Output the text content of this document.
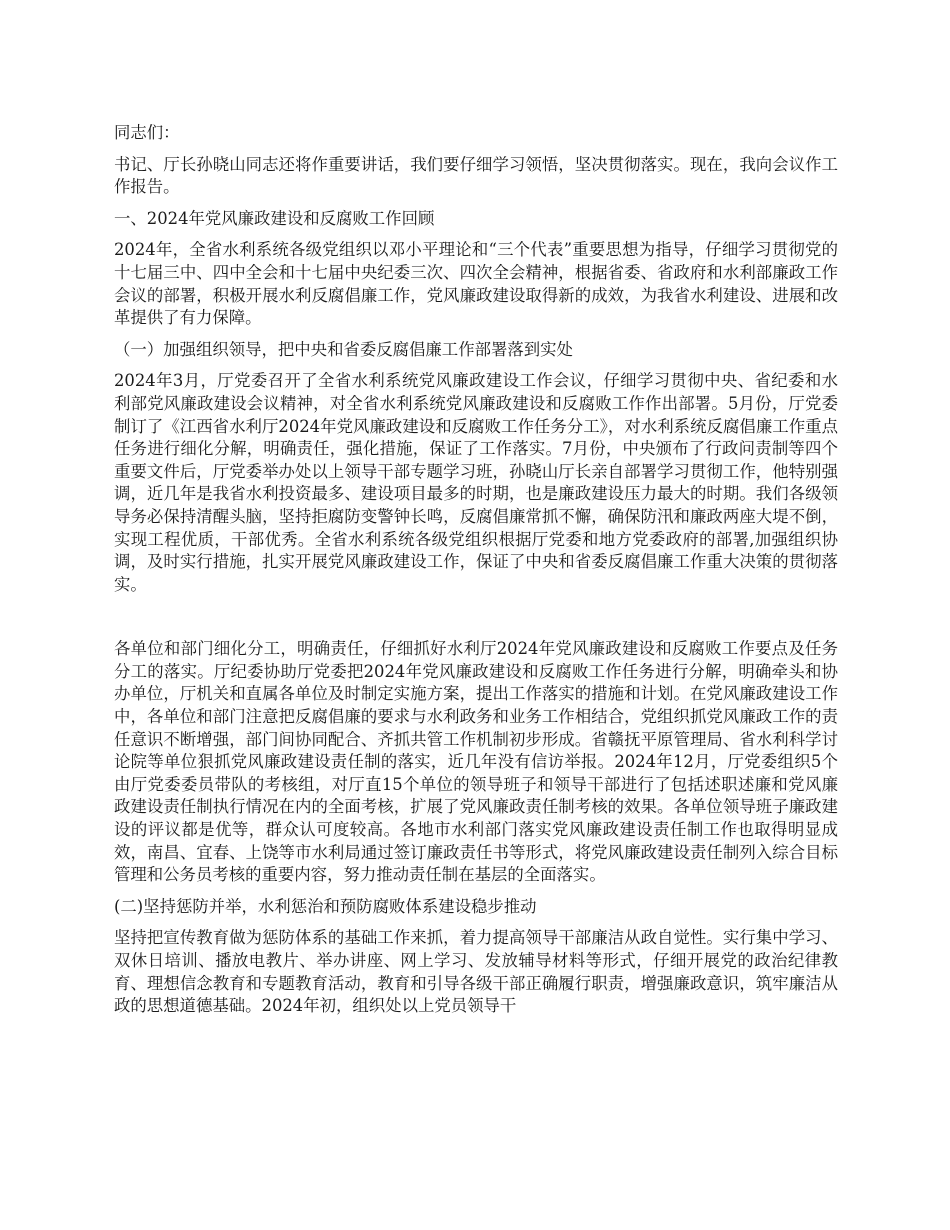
同志们：

书记、厅长孙晓山同志还将作重要讲话，我们要仔细学习领悟，坚决贯彻落实。现在，我向会议作工作报告。

一、2024年党风廉政建设和反腐败工作回顾

2024年，全省水利系统各级党组织以邓小平理论和“三个代表”重要思想为指导，仔细学习贯彻党的十七届三中、四中全会和十七届中央纪委三次、四次全会精神，根据省委、省政府和水利部廉政工作会议的部署，积极开展水利反腐倡廉工作，党风廉政建设取得新的成效，为我省水利建设、进展和改革提供了有力保障。

（一）加强组织领导，把中央和省委反腐倡廉工作部署落到实处

2024年3月，厅党委召开了全省水利系统党风廉政建设工作会议，仔细学习贯彻中央、省纪委和水利部党风廉政建设会议精神，对全省水利系统党风廉政建设和反腐败工作作出部署。5月份，厅党委制订了《江西省水利厅2024年党风廉政建设和反腐败工作任务分工》，对水利系统反腐倡廉工作重点任务进行细化分解，明确责任，强化措施，保证了工作落实。7月份，中央颁布了行政问责制等四个重要文件后，厅党委举办处以上领导干部专题学习班，孙晓山厅长亲自部署学习贯彻工作，他特别强调，近几年是我省水利投资最多、建设项目最多的时期，也是廉政建设压力最大的时期。我们各级领导务必保持清醒头脑，坚持拒腐防变警钟长鸣，反腐倡廉常抓不懈，确保防汛和廉政两座大堤不倒，实现工程优质，干部优秀。全省水利系统各级党组织根据厅党委和地方党委政府的部署,加强组织协调，及时实行措施，扎实开展党风廉政建设工作，保证了中央和省委反腐倡廉工作重大决策的贯彻落实。

各单位和部门细化分工，明确责任，仔细抓好水利厅2024年党风廉政建设和反腐败工作要点及任务分工的落实。厅纪委协助厅党委把2024年党风廉政建设和反腐败工作任务进行分解，明确牵头和协办单位，厅机关和直属各单位及时制定实施方案，提出工作落实的措施和计划。在党风廉政建设工作中，各单位和部门注意把反腐倡廉的要求与水利政务和业务工作相结合，党组织抓党风廉政工作的责任意识不断增强，部门间协同配合、齐抓共管工作机制初步形成。省赣抚平原管理局、省水利科学讨论院等单位狠抓党风廉政建设责任制的落实，近几年没有信访举报。2024年12月，厅党委组织5个由厅党委委员带队的考核组，对厅直15个单位的领导班子和领导干部进行了包括述职述廉和党风廉政建设责任制执行情况在内的全面考核，扩展了党风廉政责任制考核的效果。各单位领导班子廉政建设的评议都是优等，群众认可度较高。各地市水利部门落实党风廉政建设责任制工作也取得明显成效，南昌、宜春、上饶等市水利局通过签订廉政责任书等形式，将党风廉政建设责任制列入综合目标管理和公务员考核的重要内容，努力推动责任制在基层的全面落实。

(二)坚持惩防并举，水利惩治和预防腐败体系建设稳步推动

坚持把宣传教育做为惩防体系的基础工作来抓，着力提高领导干部廉洁从政自觉性。实行集中学习、双休日培训、播放电教片、举办讲座、网上学习、发放辅导材料等形式，仔细开展党的政治纪律教育、理想信念教育和专题教育活动，教育和引导各级干部正确履行职责，增强廉政意识，筑牢廉洁从政的思想道德基础。2024年初，组织处以上党员领导干
